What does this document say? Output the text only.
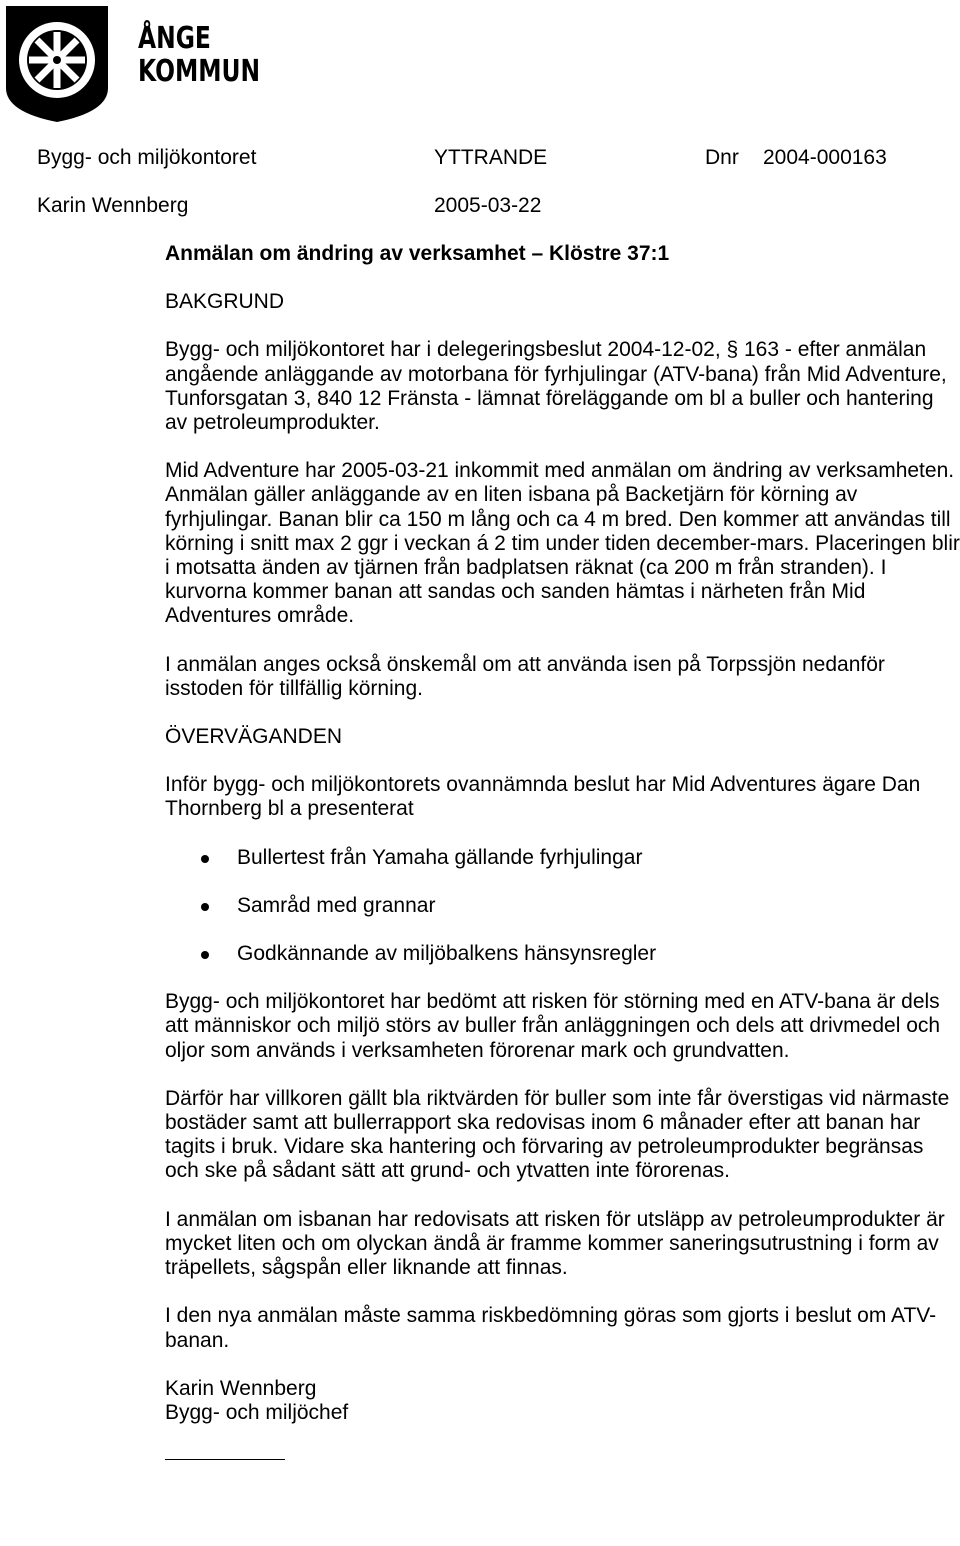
ÅNGE
KOMMUN
Bygg- och miljökontoret	YTTRANDE	Dnr 2004-000163
Karin Wennberg	2005-03-22

Anmälan om ändring av verksamhet – Klöstre 37:1

BAKGRUND

Bygg- och miljökontoret har i delegeringsbeslut 2004-12-02, § 163 - efter anmälan angående anläggande av motorbana för fyrhjulingar (ATV-bana) från Mid Adventure, Tunforsgatan 3, 840 12 Fränsta - lämnat föreläggande om bl a buller och hantering av petroleumprodukter.

Mid Adventure har 2005-03-21 inkommit med anmälan om ändring av verksamheten. Anmälan gäller anläggande av en liten isbana på Backetjärn för körning av fyrhjulingar. Banan blir ca 150 m lång och ca 4 m bred. Den kommer att användas till körning i snitt max 2 ggr i veckan á 2 tim under tiden december-mars. Placeringen blir i motsatta änden av tjärnen från badplatsen räknat (ca 200 m från stranden). I kurvorna kommer banan att sandas och sanden hämtas i närheten från Mid Adventures område.

I anmälan anges också önskemål om att använda isen på Torpssjön nedanför isstoden för tillfällig körning.

ÖVERVÄGANDEN

Inför bygg- och miljökontorets ovannämnda beslut har Mid Adventures ägare Dan Thornberg bl a presenterat

Bullertest från Yamaha gällande fyrhjulingar
Samråd med grannar
Godkännande av miljöbalkens hänsynsregler

Bygg- och miljökontoret har bedömt att risken för störning med en ATV-bana är dels att människor och miljö störs av buller från anläggningen och dels att drivmedel och oljor som används i verksamheten förorenar mark och grundvatten.

Därför har villkoren gällt bla riktvärden för buller som inte får överstigas vid närmaste bostäder samt att bullerrapport ska redovisas inom 6 månader efter att banan har tagits i bruk. Vidare ska hantering och förvaring av petroleumprodukter begränsas och ske på sådant sätt att grund- och ytvatten inte förorenas.

I anmälan om isbanan har redovisats att risken för utsläpp av petroleumprodukter är mycket liten och om olyckan ändå är framme kommer saneringsutrustning i form av träpellets, sågspån eller liknande att finnas.

I den nya anmälan måste samma riskbedömning göras som gjorts i beslut om ATV-banan.

Karin Wennberg

Bygg- och miljöchef
